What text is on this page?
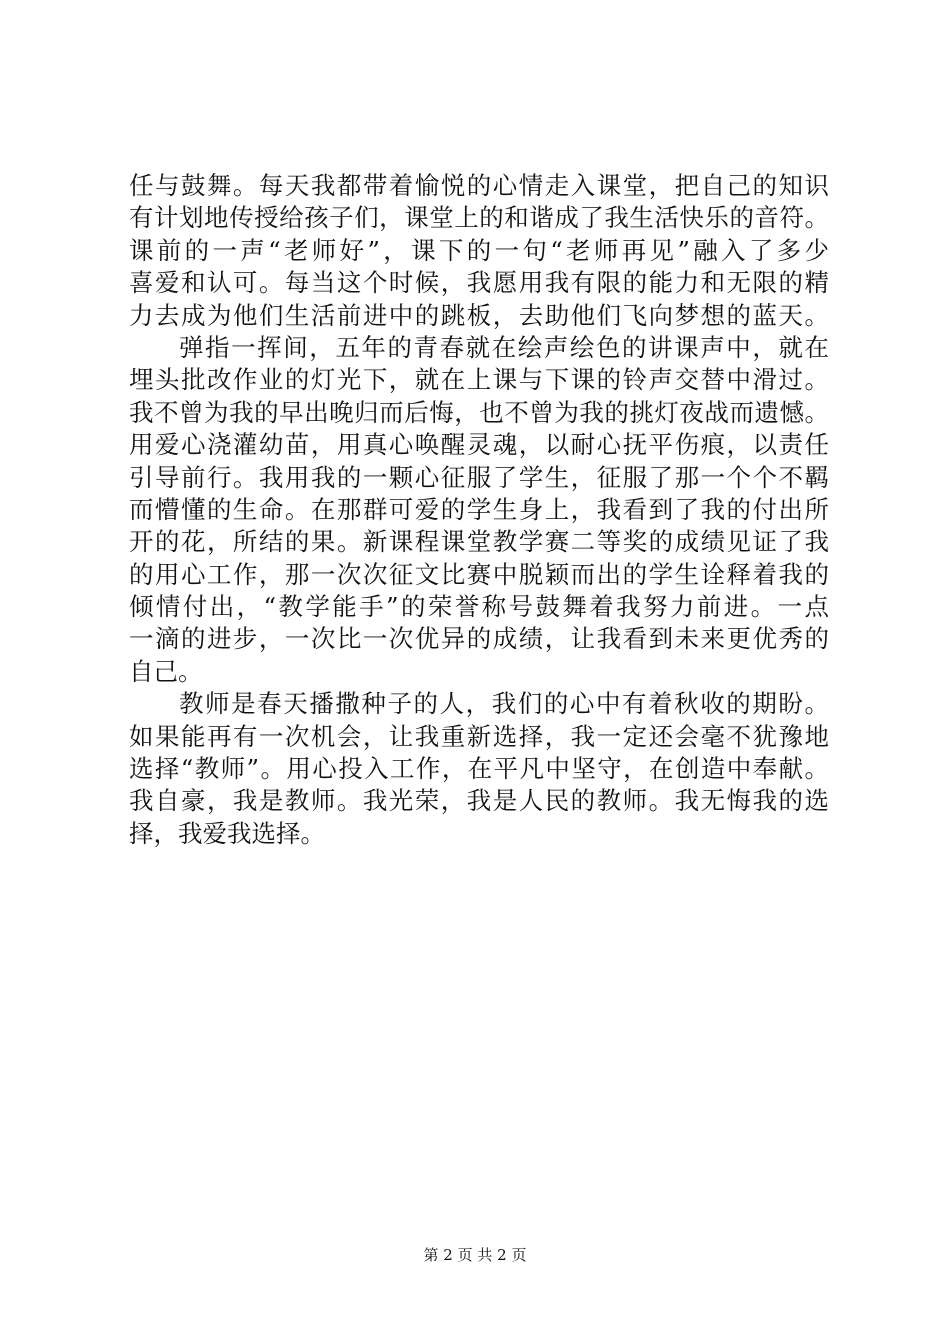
任与鼓舞。每天我都带着愉悦的心情走入课堂，把自己的知识
有计划地传授给孩子们，课堂上的和谐成了我生活快乐的音符。
课前的一声“老师好”，课下的一句“老师再见”融入了多少
喜爱和认可。每当这个时候，我愿用我有限的能力和无限的精
力去成为他们生活前进中的跳板，去助他们飞向梦想的蓝天。
弹指一挥间，五年的青春就在绘声绘色的讲课声中，就在
埋头批改作业的灯光下，就在上课与下课的铃声交替中滑过。
我不曾为我的早出晚归而后悔，也不曾为我的挑灯夜战而遗憾。
用爱心浇灌幼苗，用真心唤醒灵魂，以耐心抚平伤痕，以责任
引导前行。我用我的一颗心征服了学生，征服了那一个个不羁
而懵懂的生命。在那群可爱的学生身上，我看到了我的付出所
开的花，所结的果。新课程课堂教学赛二等奖的成绩见证了我
的用心工作，那一次次征文比赛中脱颖而出的学生诠释着我的
倾情付出，“教学能手”的荣誉称号鼓舞着我努力前进。一点
一滴的进步，一次比一次优异的成绩，让我看到未来更优秀的
自己。
教师是春天播撒种子的人，我们的心中有着秋收的期盼。
如果能再有一次机会，让我重新选择，我一定还会毫不犹豫地
选择“教师”。用心投入工作，在平凡中坚守，在创造中奉献。
我自豪，我是教师。我光荣，我是人民的教师。我无悔我的选
择，我爱我选择。
第 2 页 共 2 页
